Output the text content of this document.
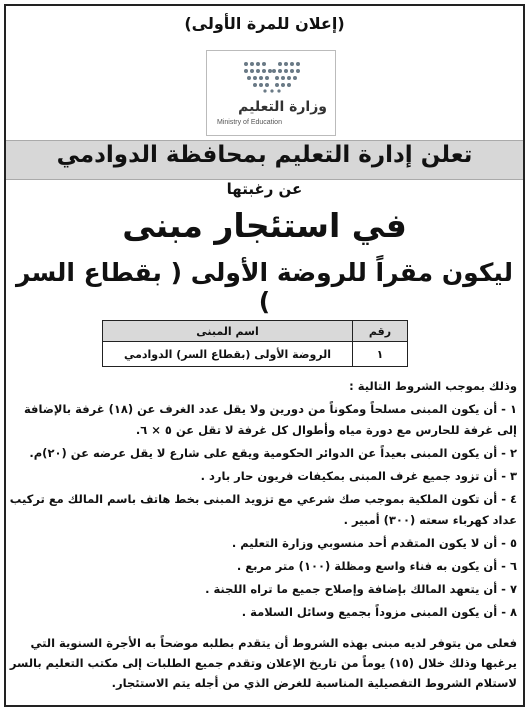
(إعلان للمرة الأولى)
وزارة التعليم
Ministry of Education
تعلن إدارة التعليم بمحافظة الدوادمي
عن رغبتها
في استئجار مبنى
ليكون مقراً للروضة الأولى ( بقطاع السر )
رقم	اسم المبنى
١	الروضة الأولى (بقطاع السر) الدوادمي
وذلك بموجب الشروط التالية :
١ - أن يكون المبنى مسلحاً ومكوناً من دورين ولا يقل عدد الغرف عن (١٨) غرفة بالإضافة إلى غرفة للحارس مع دورة مياه وأطوال كل غرفة لا تقل عن ٥ × ٦.
٢ - أن يكون المبنى بعيداً عن الدوائر الحكومية ويقع على شارع لا يقل عرضه عن (٢٠)م.
٣ - أن تزود جميع غرف المبنى بمكيفات فريون حار بارد .
٤ - أن تكون الملكية بموجب صك شرعي مع تزويد المبنى بخط هاتف باسم المالك مع تركيب عداد كهرباء سعته (٣٠٠) أمبير .
٥ - أن لا يكون المتقدم أحد منسوبي وزارة التعليم .
٦ - أن يكون به فناء واسع ومظلة (١٠٠) متر مربع .
٧ - أن يتعهد المالك بإضافة وإصلاح جميع ما تراه اللجنة .
٨ - أن يكون المبنى مزوداً بجميع وسائل السلامة .
فعلى من يتوفر لديه مبنى بهذه الشروط أن يتقدم بطلبه موضحاً به الأجرة السنوية التي يرغبها وذلك خلال (١٥) يوماً من تاريخ الإعلان وتقدم جميع الطلبات إلى مكتب التعليم بالسر لاستلام الشروط التفصيلية المناسبة للغرض الذي من أجله يتم الاستئجار.
